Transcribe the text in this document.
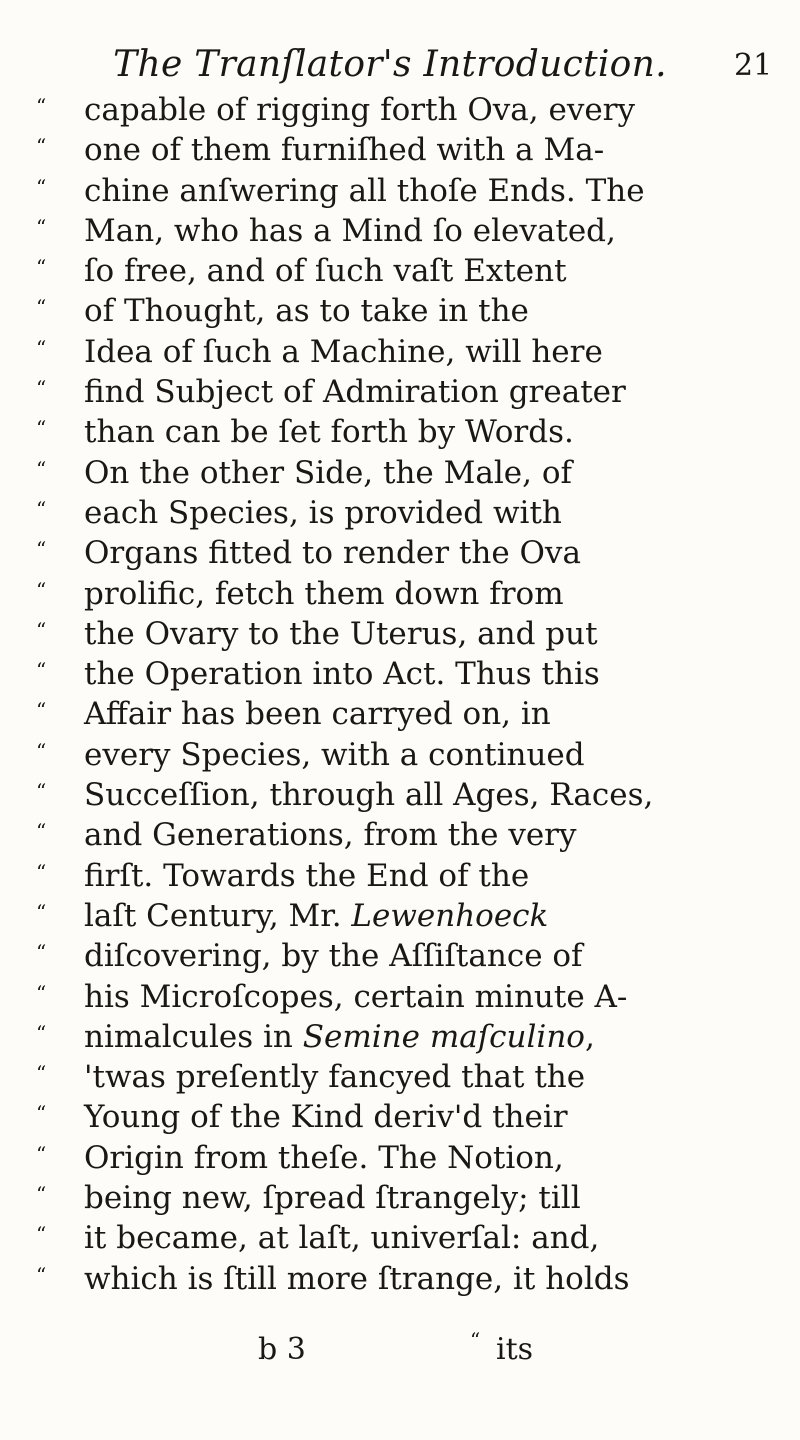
The Tranſlator's Introduction.	21
“	capable of rigging forth Ova, every
“	one of them furniſhed with a Ma-
“	chine anſwering all thoſe Ends. The
“	Man, who has a Mind ſo elevated,
“	ſo free, and of ſuch vaſt Extent
“	of Thought, as to take in the
“	Idea of ſuch a Machine, will here
“	find Subject of Admiration greater
“	than can be ſet forth by Words.
“	On the other Side, the Male, of
“	each Species, is provided with
“	Organs fitted to render the Ova
“	prolific, fetch them down from
“	the Ovary to the Uterus, and put
“	the Operation into Act. Thus this
“	Affair has been carryed on, in
“	every Species, with a continued
“	Succeſſion, through all Ages, Races,
“	and Generations, from the very
“	firſt. Towards the End of the
“	laſt Century, Mr. Lewenhoeck
“	diſcovering, by the Aſſiſtance of
“	his Microſcopes, certain minute A-
“	nimalcules in Semine maſculino,
“	'twas preſently fancyed that the
“	Young of the Kind deriv'd their
“	Origin from theſe. The Notion,
“	being new, ſpread ſtrangely; till
“	it became, at laſt, univerſal: and,
“	which is ſtill more ſtrange, it holds
b 3	“ its
